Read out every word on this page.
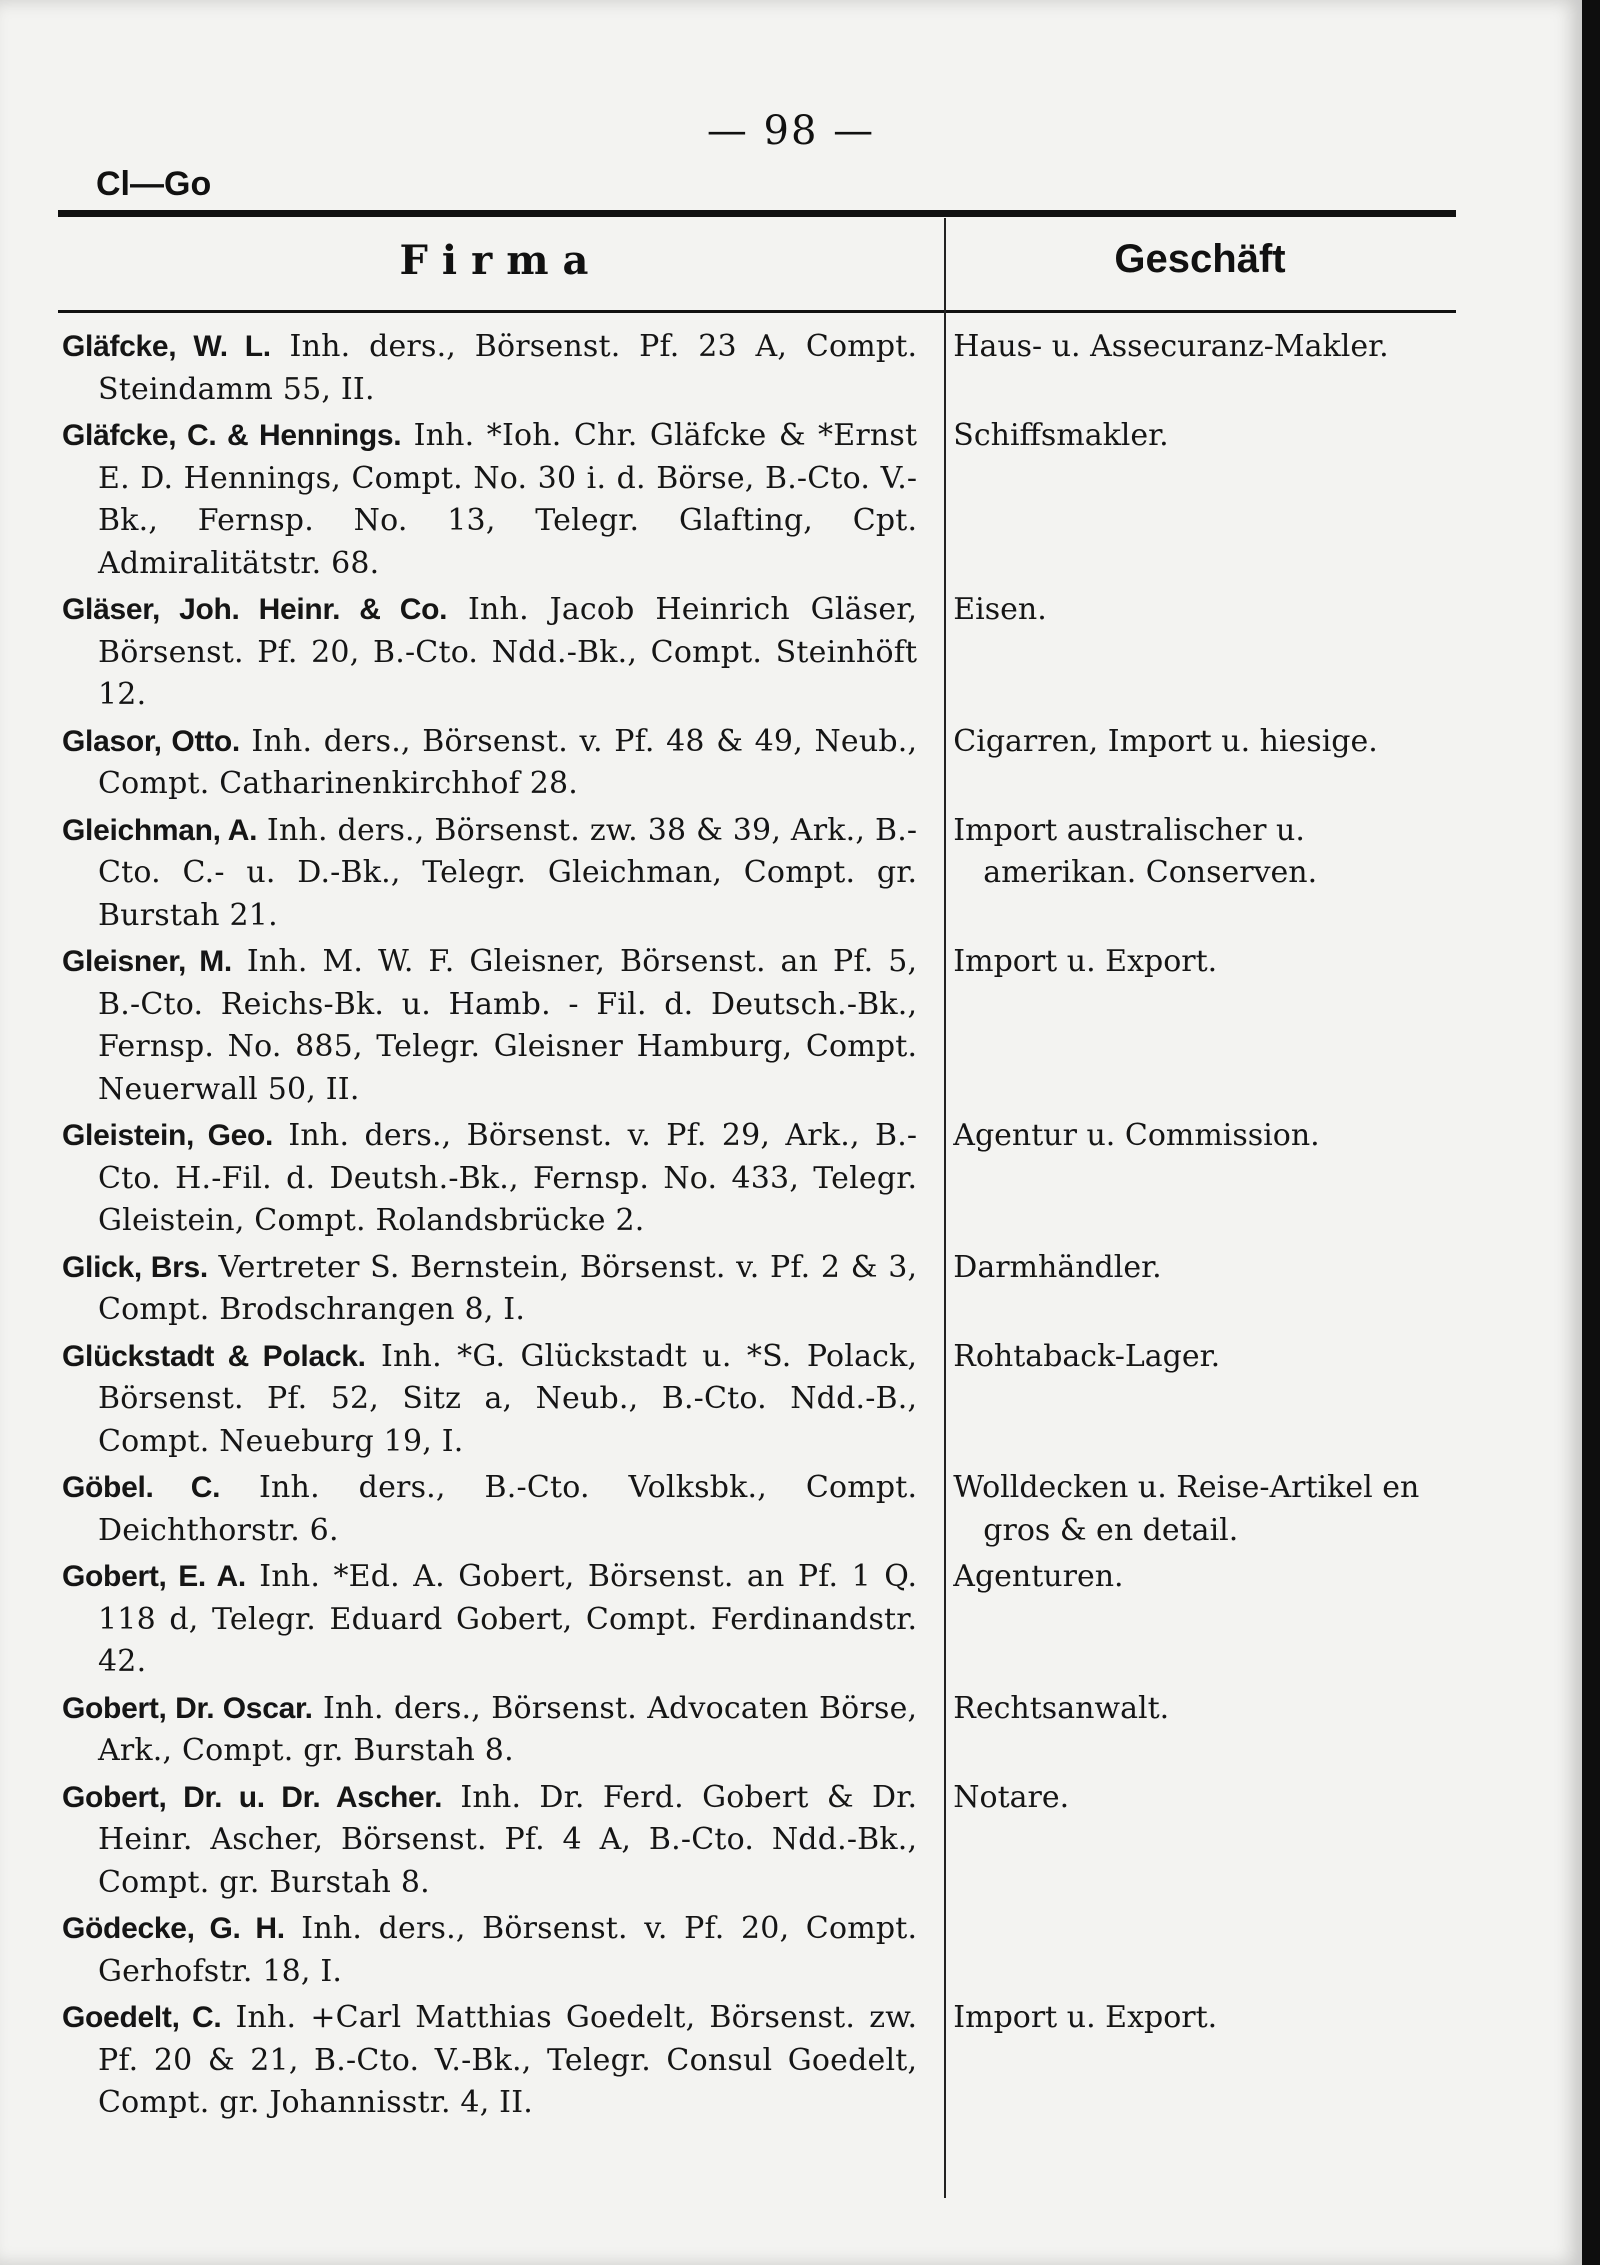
— 98 —
Cl—Go
Firma	Geschäft
Gläfcke, W. L. Inh. ders., Börsenst. Pf. 23 A, Compt. Steindamm 55, II.
Haus- u. Assecuranz-Makler.
Gläfcke, C. & Hennings. Inh. *Ioh. Chr. Gläfcke & *Ernst E. D. Hennings, Compt. No. 30 i. d. Börse, B.-Cto. V.-Bk., Fernsp. No. 13, Telegr. Glafting, Cpt. Admiralitätstr. 68.
Schiffsmakler.
Gläser, Joh. Heinr. & Co. Inh. Jacob Heinrich Gläser, Börsenst. Pf. 20, B.-Cto. Ndd.-Bk., Compt. Steinhöft 12.
Eisen.
Glasor, Otto. Inh. ders., Börsenst. v. Pf. 48 & 49, Neub., Compt. Catharinenkirchhof 28.
Cigarren, Import u. hiesige.
Gleichman, A. Inh. ders., Börsenst. zw. 38 & 39, Ark., B.-Cto. C.- u. D.-Bk., Telegr. Gleichman, Compt. gr. Burstah 21.
Import australischer u. amerikan. Conserven.
Gleisner, M. Inh. M. W. F. Gleisner, Börsenst. an Pf. 5, B.-Cto. Reichs-Bk. u. Hamb. - Fil. d. Deutsch.-Bk., Fernsp. No. 885, Telegr. Gleisner Hamburg, Compt. Neuerwall 50, II.
Import u. Export.
Gleistein, Geo. Inh. ders., Börsenst. v. Pf. 29, Ark., B.-Cto. H.-Fil. d. Deutsh.-Bk., Fernsp. No. 433, Telegr. Gleistein, Compt. Rolandsbrücke 2.
Agentur u. Commission.
Glick, Brs. Vertreter S. Bernstein, Börsenst. v. Pf. 2 & 3, Compt. Brodschrangen 8, I.
Darmhändler.
Glückstadt & Polack. Inh. *G. Glückstadt u. *S. Polack, Börsenst. Pf. 52, Sitz a, Neub., B.-Cto. Ndd.-B., Compt. Neueburg 19, I.
Rohtaback-Lager.
Göbel. C. Inh. ders., B.-Cto. Volksbk., Compt. Deichthorstr. 6.
Wolldecken u. Reise-Artikel en gros & en detail.
Gobert, E. A. Inh. *Ed. A. Gobert, Börsenst. an Pf. 1 Q. 118 d, Telegr. Eduard Gobert, Compt. Ferdinandstr. 42.
Agenturen.
Gobert, Dr. Oscar. Inh. ders., Börsenst. Advocaten Börse, Ark., Compt. gr. Burstah 8.
Rechtsanwalt.
Gobert, Dr. u. Dr. Ascher. Inh. Dr. Ferd. Gobert & Dr. Heinr. Ascher, Börsenst. Pf. 4 A, B.-Cto. Ndd.-Bk., Compt. gr. Burstah 8.
Notare.
Gödecke, G. H. Inh. ders., Börsenst. v. Pf. 20, Compt. Gerhofstr. 18, I.
Goedelt, C. Inh. +Carl Matthias Goedelt, Börsenst. zw. Pf. 20 & 21, B.-Cto. V.-Bk., Telegr. Consul Goedelt, Compt. gr. Johannisstr. 4, II.
Import u. Export.
